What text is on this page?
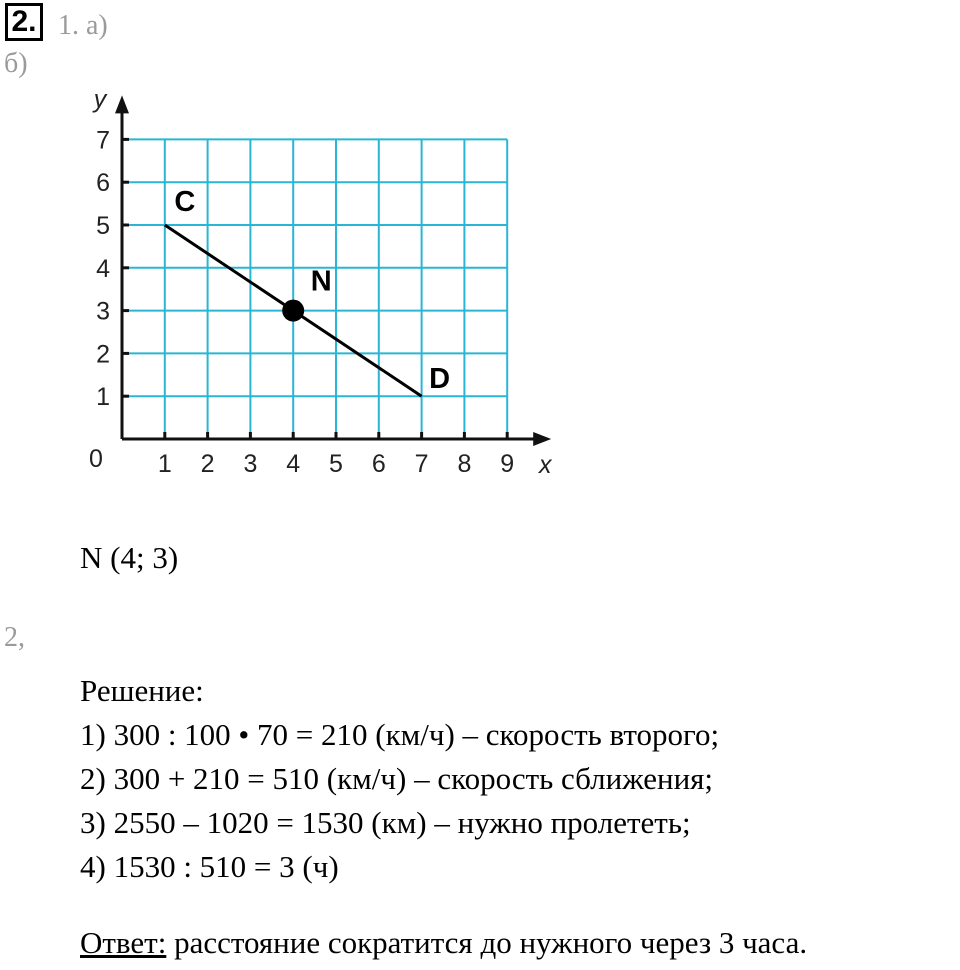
2. 1. а)
б)
1 2 3 4 5 6 7 8 9
1
2
3
4
5
6
7
0	x
y
C
N
D
N (4; 3)
2,
Решение:
1) 300 : 100 • 70 = 210 (км/ч) – скорость второго;
2) 300 + 210 = 510 (км/ч) – скорость сближения;
3) 2550 – 1020 = 1530 (км) – нужно пролететь;
4) 1530 : 510 = 3 (ч)
Ответ: расстояние сократится до нужного через 3 часа.
